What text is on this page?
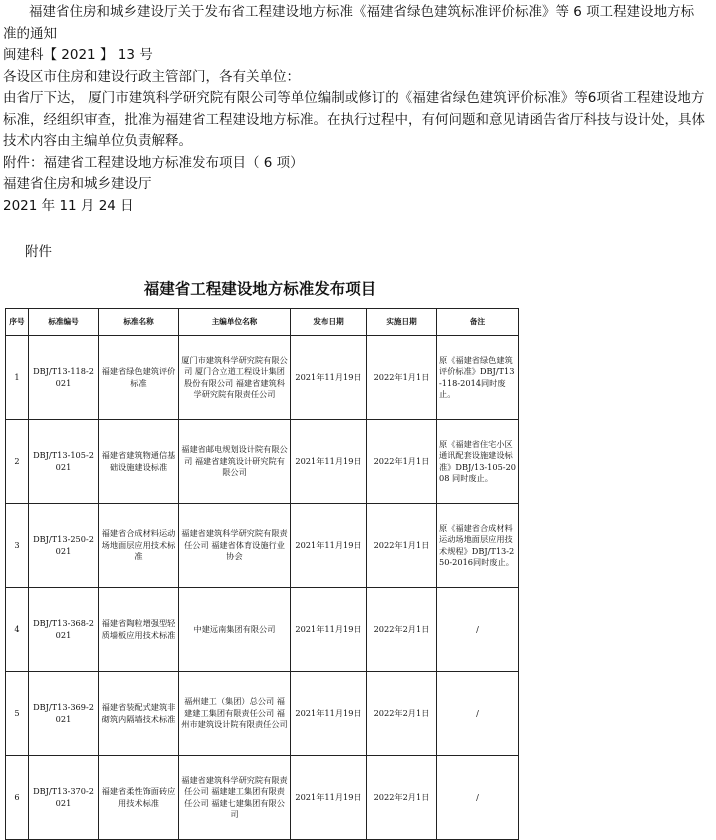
福建省住房和城乡建设厅关于发布省工程建设地方标准《福建省绿色建筑标准评价标准》等 6 项工程建设地方标准的通知

闽建科【 2021 】 13 号

各设区市住房和建设行政主管部门，各有关单位：

由省厅下达， 厦门市建筑科学研究院有限公司等单位编制或修订的《福建省绿色建筑评价标准》等6项省工程建设地方标准，经组织审查，批准为福建省工程建设地方标准。在执行过程中，有何问题和意见请函告省厅科技与设计处，具体技术内容由主编单位负责解释。

附件：福建省工程建设地方标准发布项目（ 6 项）

福建省住房和城乡建设厅

2021 年 11 月 24 日

附件
福建省工程建设地方标准发布项目
序号	标准编号	标准名称	主编单位名称	发布日期	实施日期	备注
1	DBJ/T13-118-2021	福建省绿色建筑评价标准	厦门市建筑科学研究院有限公司 厦门合立道工程设计集团股份有限公司 福建省建筑科学研究院有限责任公司	2021年11月19日	2022年1月1日	原《福建省绿色建筑评价标准》DBJ/T13-118-2014同时废止。
2	DBJ/T13-105-2021	福建省建筑物通信基础设施建设标准	福建省邮电规划设计院有限公司 福建省建筑设计研究院有限公司	2021年11月19日	2022年1月1日	原《福建省住宅小区通讯配套设施建设标准》DBJ/13-105-2008 同时废止。
3	DBJ/T13-250-2021	福建省合成材料运动场地面层应用技术标准	福建省建筑科学研究院有限责任公司 福建省体育设施行业协会	2021年11月19日	2022年1月1日	原《福建省合成材料运动场地面层应用技术规程》DBJ/T13-250-2016同时废止。
4	DBJ/T13-368-2021	福建省陶粒增强型轻质墙板应用技术标准	中建远南集团有限公司	2021年11月19日	2022年2月1日	/
5	DBJ/T13-369-2021	福建省装配式建筑非砌筑内隔墙技术标准	福州建工（集团）总公司 福建建工集团有限责任公司 福州市建筑设计院有限责任公司	2021年11月19日	2022年2月1日	/
6	DBJ/T13-370-2021	福建省柔性饰面砖应用技术标准	福建省建筑科学研究院有限责任公司 福建建工集团有限责任公司 福建七建集团有限公司	2021年11月19日	2022年2月1日	/
